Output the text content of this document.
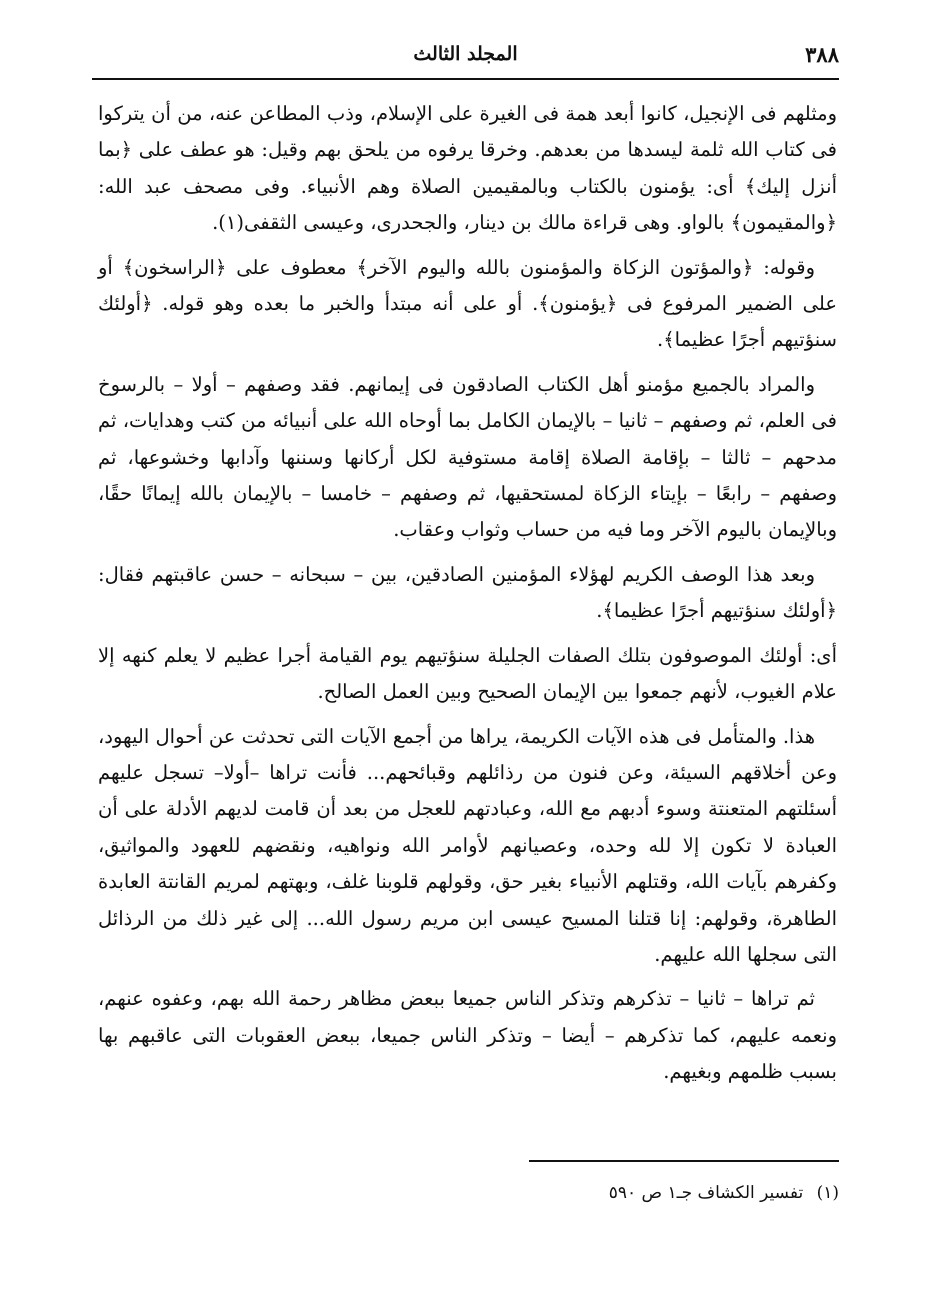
٣٨٨
المجلد الثالث

ومثلهم فى الإنجيل، كانوا أبعد همة فى الغيرة على الإسلام، وذب المطاعن عنه، من أن يتركوا فى كتاب الله ثلمة ليسدها من بعدهم. وخرقا يرفوه من يلحق بهم وقيل: هو عطف على ﴿بما أنزل إليك﴾ أى: يؤمنون بالكتاب وبالمقيمين الصلاة وهم الأنبياء. وفى مصحف عبد الله: ﴿والمقيمون﴾ بالواو. وهى قراءة مالك بن دينار، والجحدرى، وعيسى الثقفى(١).

وقوله: ﴿والمؤتون الزكاة والمؤمنون بالله واليوم الآخر﴾ معطوف على ﴿الراسخون﴾ أو على الضمير المرفوع فى ﴿يؤمنون﴾. أو على أنه مبتدأ والخبر ما بعده وهو قوله. ﴿أولئك سنؤتيهم أجرًا عظيما﴾.

والمراد بالجميع مؤمنو أهل الكتاب الصادقون فى إيمانهم. فقد وصفهم – أولا – بالرسوخ فى العلم، ثم وصفهم – ثانيا – بالإيمان الكامل بما أوحاه الله على أنبيائه من كتب وهدايات، ثم مدحهم – ثالثا – بإقامة الصلاة إقامة مستوفية لكل أركانها وسننها وآدابها وخشوعها، ثم وصفهم – رابعًا – بإيتاء الزكاة لمستحقيها، ثم وصفهم – خامسا – بالإيمان بالله إيمانًا حقًا، وبالإيمان باليوم الآخر وما فيه من حساب وثواب وعقاب.

وبعد هذا الوصف الكريم لهؤلاء المؤمنين الصادقين، بين – سبحانه – حسن عاقبتهم فقال: ﴿أولئك سنؤتيهم أجرًا عظيما﴾.

أى: أولئك الموصوفون بتلك الصفات الجليلة سنؤتيهم يوم القيامة أجرا عظيم لا يعلم كنهه إلا علام الغيوب، لأنهم جمعوا بين الإيمان الصحيح وبين العمل الصالح.

هذا. والمتأمل فى هذه الآيات الكريمة، يراها من أجمع الآيات التى تحدثت عن أحوال اليهود، وعن أخلاقهم السيئة، وعن فنون من رذائلهم وقبائحهم... فأنت تراها –أولا– تسجل عليهم أسئلتهم المتعنتة وسوء أدبهم مع الله، وعبادتهم للعجل من بعد أن قامت لديهم الأدلة على أن العبادة لا تكون إلا لله وحده، وعصيانهم لأوامر الله ونواهيه، ونقضهم للعهود والمواثيق، وكفرهم بآيات الله، وقتلهم الأنبياء بغير حق، وقولهم قلوبنا غلف، وبهتهم لمريم القانتة العابدة الطاهرة، وقولهم: إنا قتلنا المسيح عيسى ابن مريم رسول الله... إلى غير ذلك من الرذائل التى سجلها الله عليهم.

ثم تراها – ثانيا – تذكرهم وتذكر الناس جميعا ببعض مظاهر رحمة الله بهم، وعفوه عنهم، ونعمه عليهم، كما تذكرهم – أيضا – وتذكر الناس جميعا، ببعض العقوبات التى عاقبهم بها بسبب ظلمهم وبغيهم.

(١) تفسير الكشاف جـ١ ص ٥٩٠
